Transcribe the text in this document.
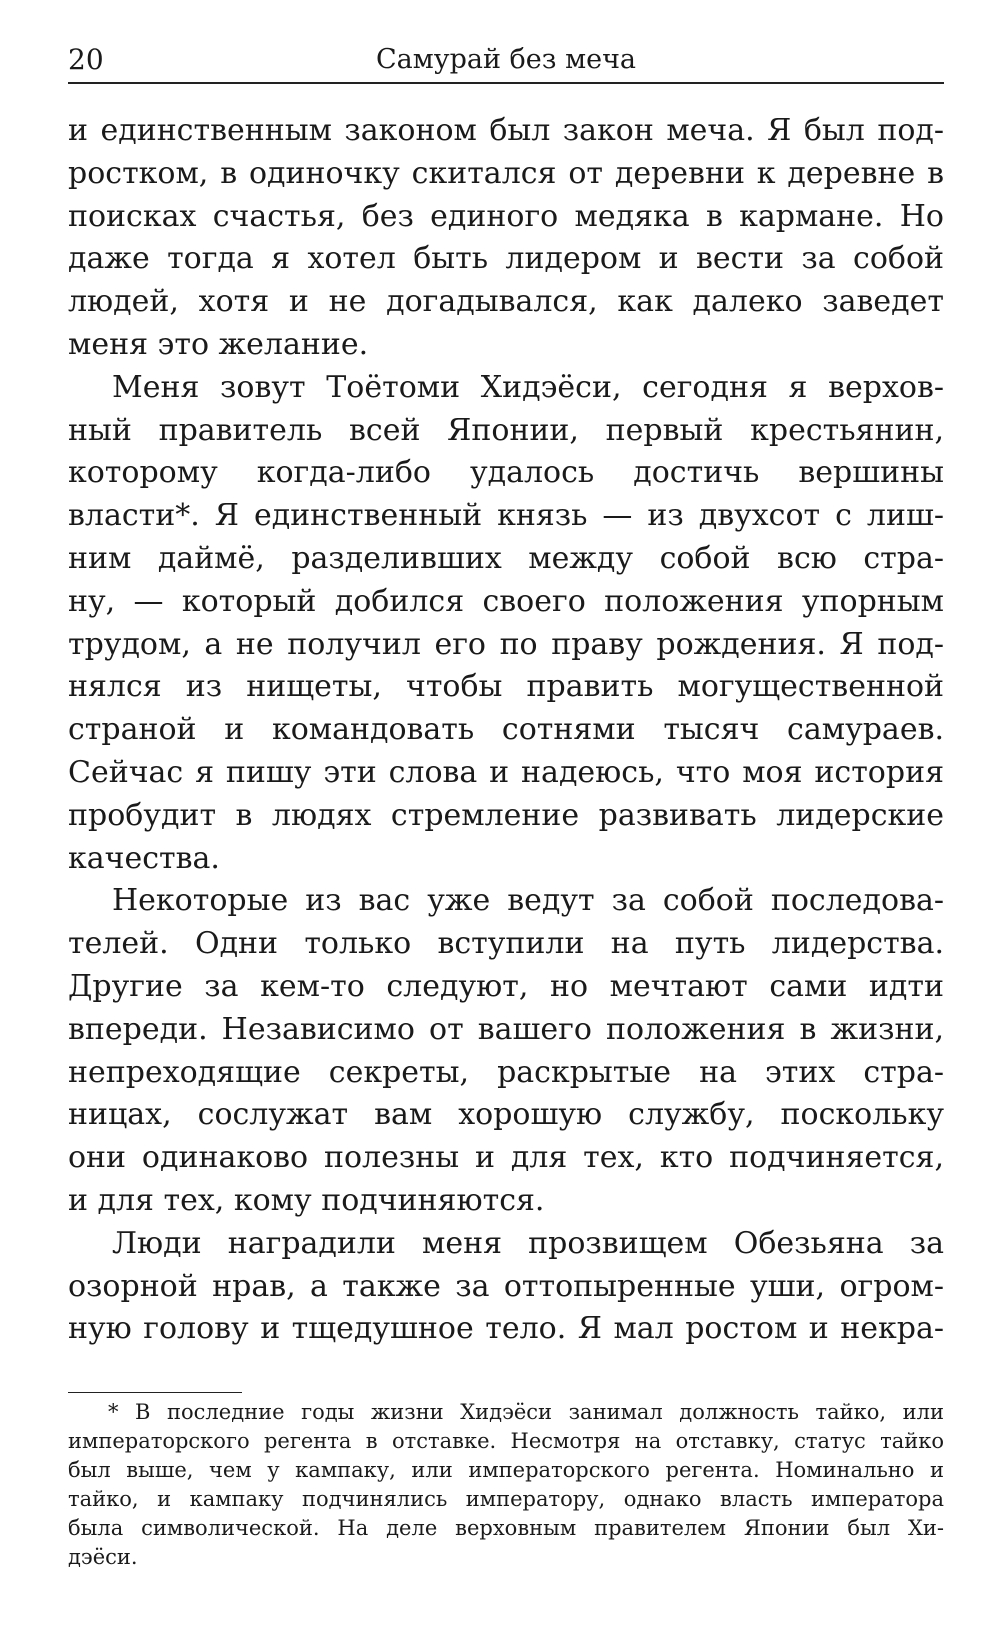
20	Самурай без меча
и единственным законом был закон меча. Я был под-
ростком, в одиночку скитался от деревни к деревне в
поисках счастья, без единого медяка в кармане. Но
даже тогда я хотел быть лидером и вести за собой
людей, хотя и не догадывался, как далеко заведет
меня это желание.
Меня зовут Тоётоми Хидэёси, сегодня я верхов-
ный правитель всей Японии, первый крестьянин,
которому когда-либо удалось достичь вершины
власти*. Я единственный князь — из двухсот с лиш-
ним даймё, разделивших между собой всю стра-
ну, — который добился своего положения упорным
трудом, а не получил его по праву рождения. Я под-
нялся из нищеты, чтобы править могущественной
страной и командовать сотнями тысяч самураев.
Сейчас я пишу эти слова и надеюсь, что моя история
пробудит в людях стремление развивать лидерские
качества.
Некоторые из вас уже ведут за собой последова-
телей. Одни только вступили на путь лидерства.
Другие за кем-то следуют, но мечтают сами идти
впереди. Независимо от вашего положения в жизни,
непреходящие секреты, раскрытые на этих стра-
ницах, сослужат вам хорошую службу, поскольку
они одинаково полезны и для тех, кто подчиняется,
и для тех, кому подчиняются.
Люди наградили меня прозвищем Обезьяна за
озорной нрав, а также за оттопыренные уши, огром-
ную голову и тщедушное тело. Я мал ростом и некра-
* В последние годы жизни Хидэёси занимал должность тайко, или
императорского регента в отставке. Несмотря на отставку, статус тайко
был выше, чем у кампаку, или императорского регента. Номинально и
тайко, и кампаку подчинялись императору, однако власть императора
была символической. На деле верховным правителем Японии был Хи-
дэёси.
